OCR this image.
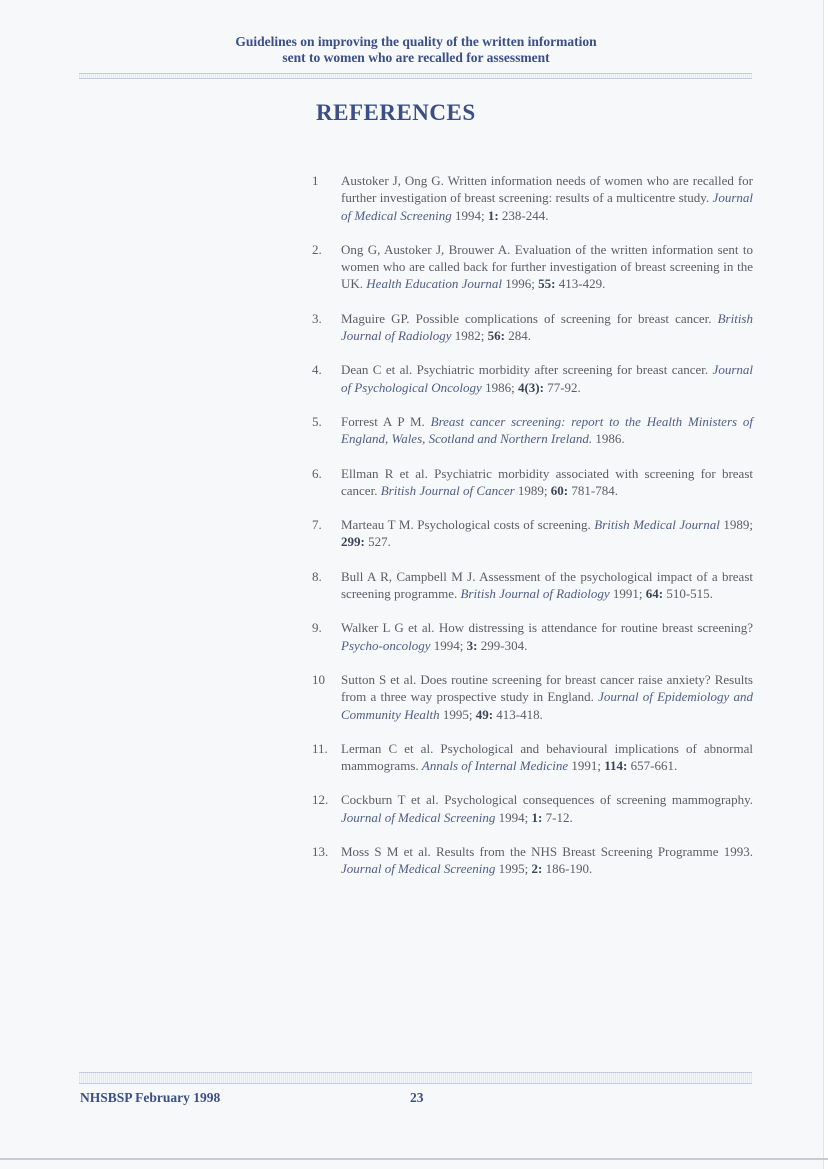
Guidelines on improving the quality of the written information
sent to women who are recalled for assessment
REFERENCES
1	Austoker J, Ong G. Written information needs of women who are recalled for further investigation of breast screening: results of a multicentre study. Journal of Medical Screening 1994; 1: 238-244.
2.	Ong G, Austoker J, Brouwer A. Evaluation of the written information sent to women who are called back for further investigation of breast screening in the UK. Health Education Journal 1996; 55: 413-429.
3.	Maguire GP. Possible complications of screening for breast cancer. British Journal of Radiology 1982; 56: 284.
4.	Dean C et al. Psychiatric morbidity after screening for breast cancer. Journal of Psychological Oncology 1986; 4(3): 77-92.
5.	Forrest A P M. Breast cancer screening: report to the Health Ministers of England, Wales, Scotland and Northern Ireland. 1986.
6.	Ellman R et al. Psychiatric morbidity associated with screening for breast cancer. British Journal of Cancer 1989; 60: 781-784.
7.	Marteau T M. Psychological costs of screening. British Medical Journal 1989; 299: 527.
8.	Bull A R, Campbell M J. Assessment of the psychological impact of a breast screening programme. British Journal of Radiology 1991; 64: 510-515.
9.	Walker L G et al. How distressing is attendance for routine breast screening? Psycho-oncology 1994; 3: 299-304.
10	Sutton S et al. Does routine screening for breast cancer raise anxiety? Results from a three way prospective study in England. Journal of Epidemiology and Community Health 1995; 49: 413-418.
11.	Lerman C et al. Psychological and behavioural implications of abnormal mammograms. Annals of Internal Medicine 1991; 114: 657-661.
12. Cockburn T et al. Psychological consequences of screening mammography. Journal of Medical Screening 1994; 1: 7-12.
13. Moss S M et al. Results from the NHS Breast Screening Programme 1993. Journal of Medical Screening 1995; 2: 186-190.
NHSBSP February 1998	23
